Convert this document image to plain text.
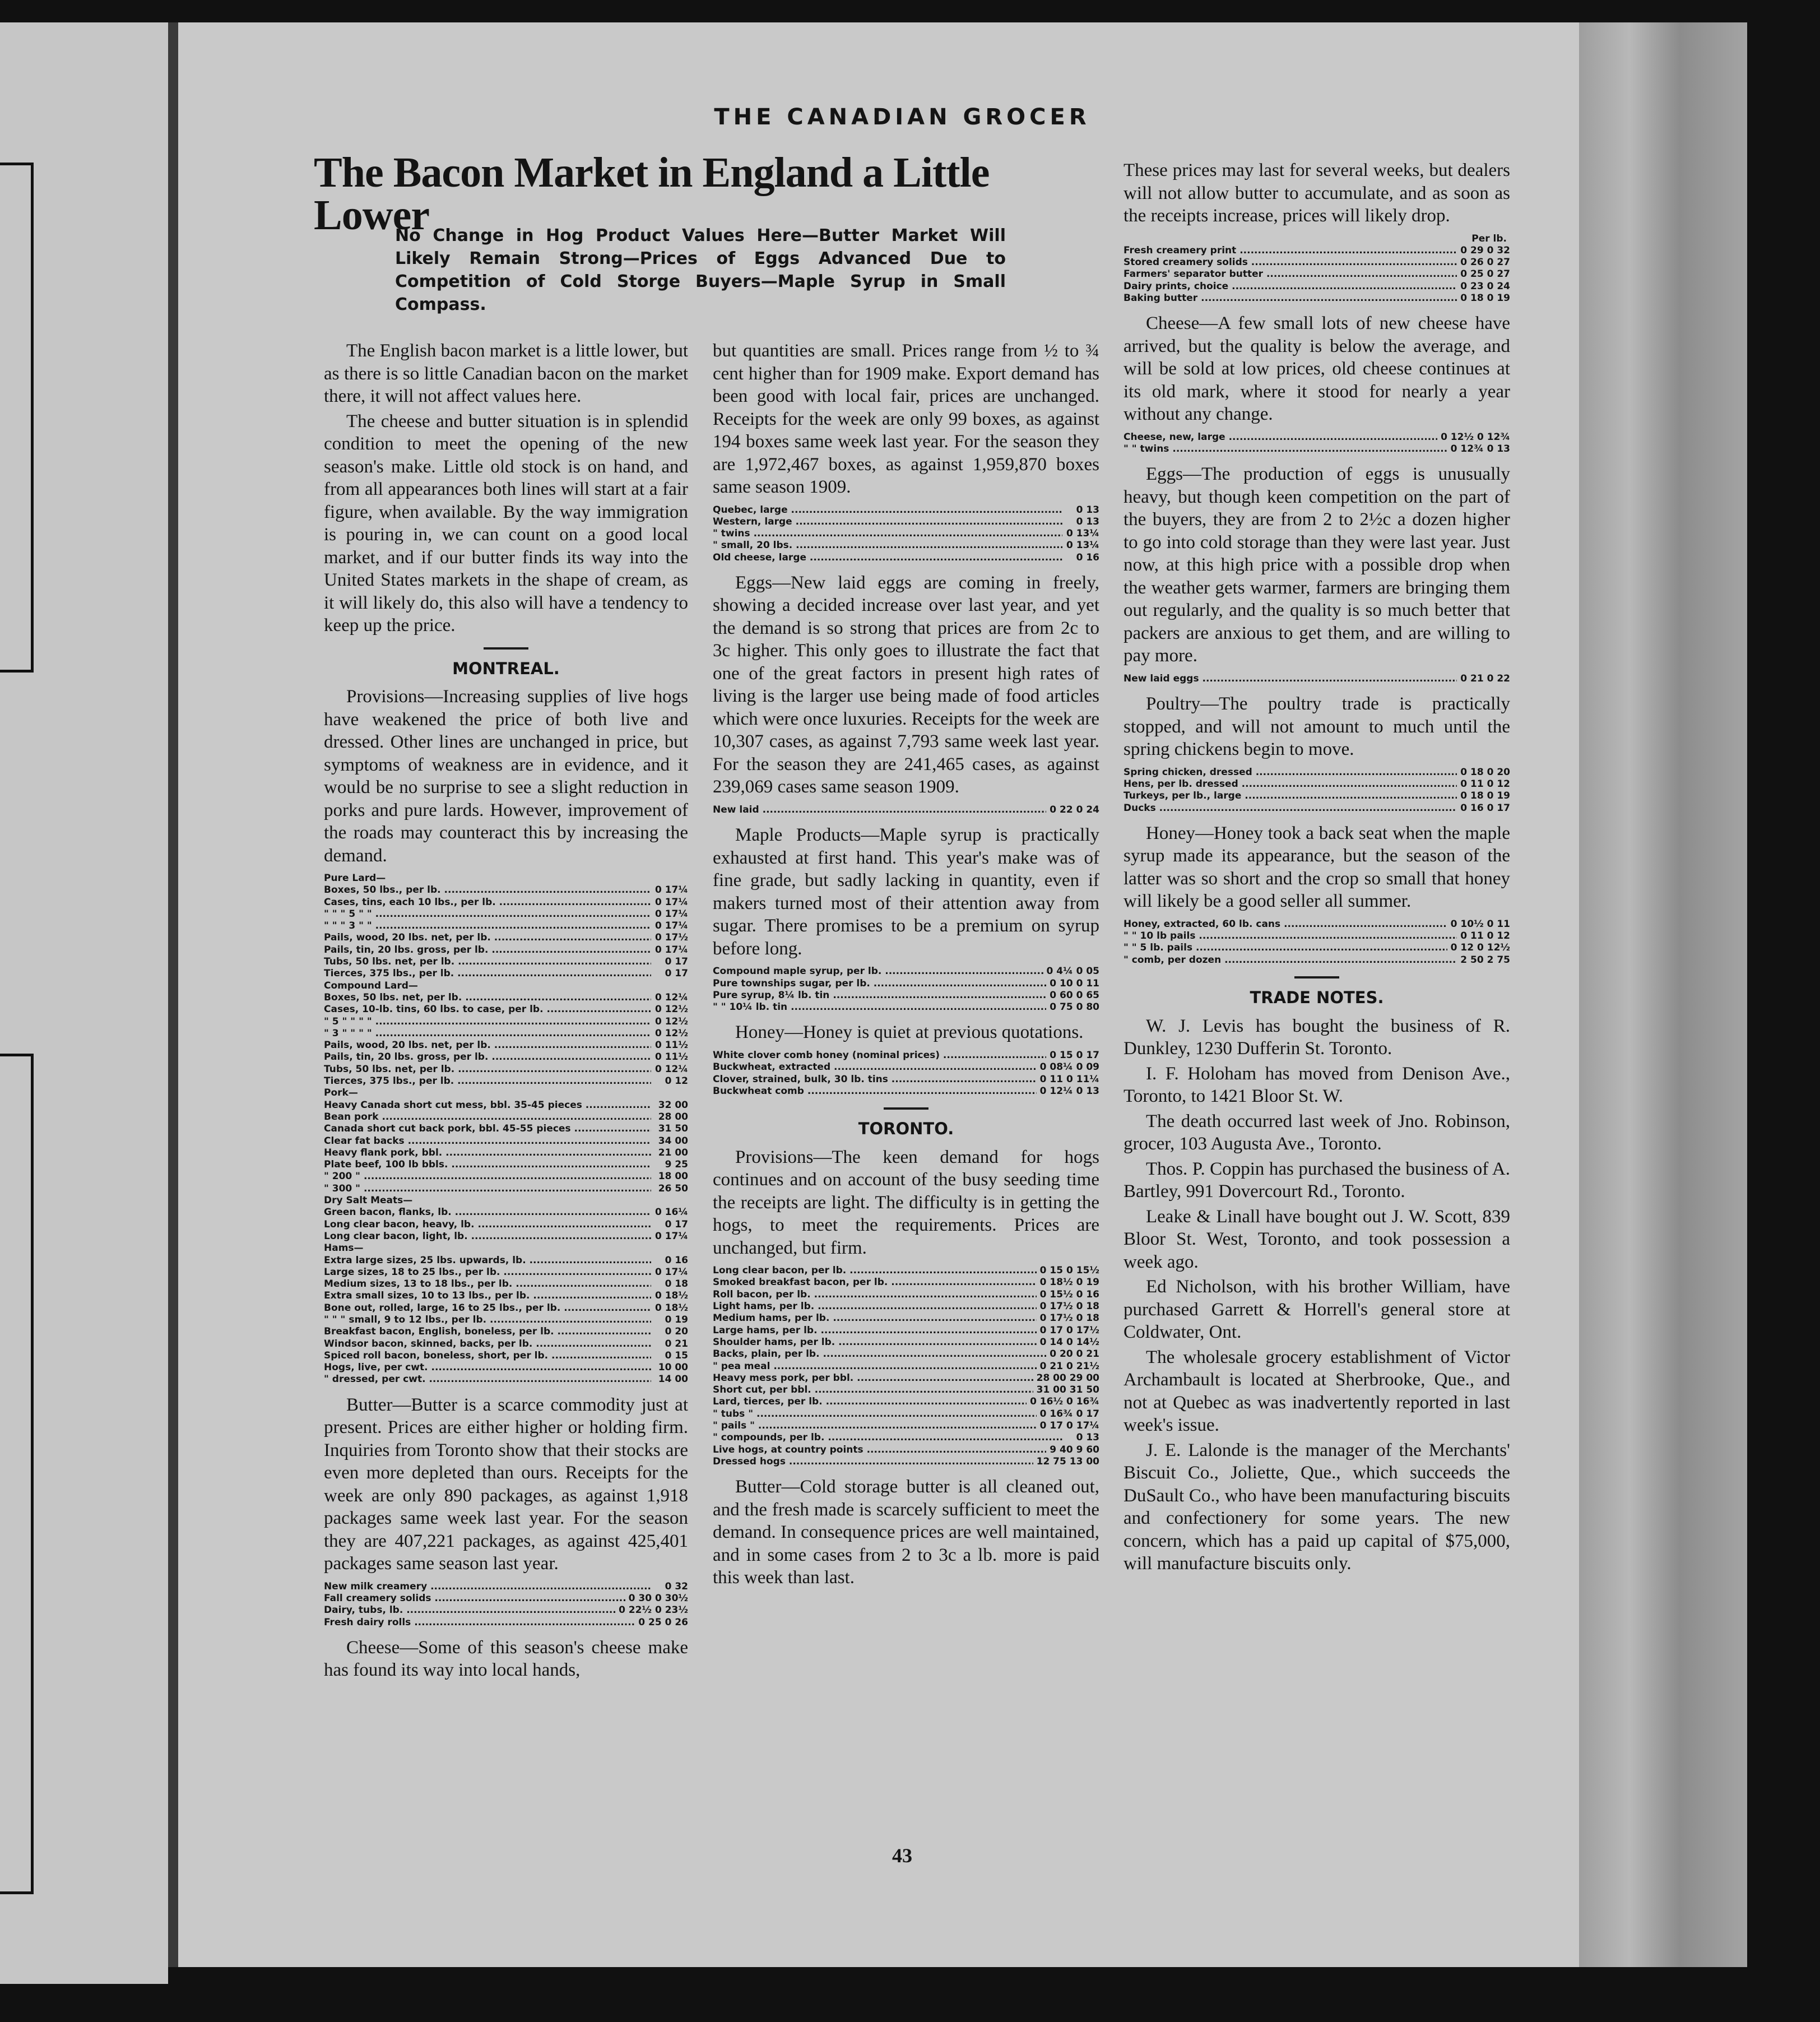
THE CANADIAN GROCER
The Bacon Market in England a Little Lower
No Change in Hog Product Values Here—Butter Market Will Likely Remain Strong—Prices of Eggs Advanced Due to Competition of Cold Storge Buyers—Maple Syrup in Small Compass.

The English bacon market is a little lower, but as there is so little Canadian bacon on the market there, it will not affect values here.

The cheese and butter situation is in splendid condition to meet the opening of the new season's make. Little old stock is on hand, and from all appearances both lines will start at a fair figure, when available. By the way immigration is pouring in, we can count on a good local market, and if our butter finds its way into the United States markets in the shape of cream, as it will likely do, this also will have a tendency to keep up the price.

MONTREAL.

Provisions—Increasing supplies of live hogs have weakened the price of both live and dressed. Other lines are unchanged in price, but symptoms of weakness are in evidence, and it would be no surprise to see a slight reduction in porks and pure lards. However, improvement of the roads may counteract this by increasing the demand.

Pure Lard—
Boxes, 50 lbs., per lb. .....	0 17¼
Cases, tins, each 10 lbs., per lb. .....	0 17¼
" " " 5 " " .....	0 17¼
" " " 3 " " .....	0 17¼
Pails, wood, 20 lbs. net, per lb. .....	0 17½
Pails, tin, 20 lbs. gross, per lb. .....	0 17¼
Tubs, 50 lbs. net, per lb. .....	0 17
Tierces, 375 lbs., per lb. .....	0 17
Compound Lard—
Boxes, 50 lbs. net, per lb. .....	0 12¼
Cases, 10-lb. tins, 60 lbs. to case, per lb. .....	0 12½
" 5 " " " " .....	0 12½
" 3 " " " " .....	0 12½
Pails, wood, 20 lbs. net, per lb. .....	0 11½
Pails, tin, 20 lbs. gross, per lb. .....	0 11½
Tubs, 50 lbs. net, per lb. .....	0 12¼
Tierces, 375 lbs., per lb. .....	0 12
Pork—
Heavy Canada short cut mess, bbl. 35-45 pieces .....	32 00
Bean pork .....	28 00
Canada short cut back pork, bbl. 45-55 pieces .....	31 50
Clear fat backs .....	34 00
Heavy flank pork, bbl. .....	21 00
Plate beef, 100 lb bbls. .....	9 25
" 200 " .....	18 00
" 300 " .....	26 50
Dry Salt Meats—
Green bacon, flanks, lb. .....	0 16¼
Long clear bacon, heavy, lb. .....	0 17
Long clear bacon, light, lb. .....	0 17¼
Hams—
Extra large sizes, 25 lbs. upwards, lb. .....	0 16
Large sizes, 18 to 25 lbs., per lb. .....	0 17¼
Medium sizes, 13 to 18 lbs., per lb. .....	0 18
Extra small sizes, 10 to 13 lbs., per lb. .....	0 18½
Bone out, rolled, large, 16 to 25 lbs., per lb. .....	0 18½
" " " small, 9 to 12 lbs., per lb. .....	0 19
Breakfast bacon, English, boneless, per lb. .....	0 20
Windsor bacon, skinned, backs, per lb. .....	0 21
Spiced roll bacon, boneless, short, per lb. .....	0 15
Hogs, live, per cwt. .....	10 00
" dressed, per cwt. .....	14 00

Butter—Butter is a scarce commodity just at present. Prices are either higher or holding firm. Inquiries from Toronto show that their stocks are even more depleted than ours. Receipts for the week are only 890 packages, as against 1,918 packages same week last year. For the season they are 407,221 packages, as against 425,401 packages same season last year.

New milk creamery .....	0 32
Fall creamery solids .....	0 30 0 30½
Dairy, tubs, lb. .....	0 22½ 0 23½
Fresh dairy rolls .....	0 25 0 26

Cheese—Some of this season's cheese make has found its way into local hands,

but quantities are small. Prices range from ½ to ¾ cent higher than for 1909 make. Export demand has been good with local fair, prices are unchanged. Receipts for the week are only 99 boxes, as against 194 boxes same week last year. For the season they are 1,972,467 boxes, as against 1,959,870 boxes same season 1909.

Quebec, large .....	0 13
Western, large .....	0 13
" twins .....	0 13¼
" small, 20 lbs. .....	0 13¼
Old cheese, large .....	0 16

Eggs—New laid eggs are coming in freely, showing a decided increase over last year, and yet the demand is so strong that prices are from 2c to 3c higher. This only goes to illustrate the fact that one of the great factors in present high rates of living is the larger use being made of food articles which were once luxuries. Receipts for the week are 10,307 cases, as against 7,793 same week last year. For the season they are 241,465 cases, as against 239,069 cases same season 1909.

New laid .....	0 22 0 24

Maple Products—Maple syrup is practically exhausted at first hand. This year's make was of fine grade, but sadly lacking in quantity, even if makers turned most of their attention away from sugar. There promises to be a premium on syrup before long.

Compound maple syrup, per lb. .....	0 4¼ 0 05
Pure townships sugar, per lb. .....	0 10 0 11
Pure syrup, 8¼ lb. tin .....	0 60 0 65
" " 10¼ lb. tin .....	0 75 0 80

Honey—Honey is quiet at previous quotations.

White clover comb honey (nominal prices) .....	0 15 0 17
Buckwheat, extracted .....	0 08¼ 0 09
Clover, strained, bulk, 30 lb. tins .....	0 11 0 11¼
Buckwheat comb .....	0 12¼ 0 13
TORONTO.

Provisions—The keen demand for hogs continues and on account of the busy seeding time the receipts are light. The difficulty is in getting the hogs, to meet the requirements. Prices are unchanged, but firm.

Long clear bacon, per lb. .....	0 15 0 15½
Smoked breakfast bacon, per lb. .....	0 18½ 0 19
Roll bacon, per lb. .....	0 15½ 0 16
Light hams, per lb. .....	0 17½ 0 18
Medium hams, per lb. .....	0 17½ 0 18
Large hams, per lb. .....	0 17 0 17½
Shoulder hams, per lb. .....	0 14 0 14½
Backs, plain, per lb. .....	0 20 0 21
" pea meal .....	0 21 0 21½
Heavy mess pork, per bbl. .....	28 00 29 00
Short cut, per bbl. .....	31 00 31 50
Lard, tierces, per lb. .....	0 16½ 0 16¾
" tubs " .....	0 16¾ 0 17
" pails " .....	0 17 0 17¼
" compounds, per lb. .....	0 13
Live hogs, at country points .....	9 40 9 60
Dressed hogs .....	12 75 13 00

Butter—Cold storage butter is all cleaned out, and the fresh made is scarcely sufficient to meet the demand. In consequence prices are well maintained, and in some cases from 2 to 3c a lb. more is paid this week than last.

These prices may last for several weeks, but dealers will not allow butter to accumulate, and as soon as the receipts increase, prices will likely drop.

Per lb.
Fresh creamery print .....	0 29 0 32
Stored creamery solids .....	0 26 0 27
Farmers' separator butter .....	0 25 0 27
Dairy prints, choice .....	0 23 0 24
Baking butter .....	0 18 0 19

Cheese—A few small lots of new cheese have arrived, but the quality is below the average, and will be sold at low prices, old cheese continues at its old mark, where it stood for nearly a year without any change.

Cheese, new, large .....	0 12½ 0 12¾
" " twins .....	0 12¾ 0 13

Eggs—The production of eggs is unusually heavy, but though keen competition on the part of the buyers, they are from 2 to 2½c a dozen higher to go into cold storage than they were last year. Just now, at this high price with a possible drop when the weather gets warmer, farmers are bringing them out regularly, and the quality is so much better that packers are anxious to get them, and are willing to pay more.

New laid eggs .....	0 21 0 22

Poultry—The poultry trade is practically stopped, and will not amount to much until the spring chickens begin to move.

Spring chicken, dressed .....	0 18 0 20
Hens, per lb. dressed .....	0 11 0 12
Turkeys, per lb., large .....	0 18 0 19
Ducks .....	0 16 0 17

Honey—Honey took a back seat when the maple syrup made its appearance, but the season of the latter was so short and the crop so small that honey will likely be a good seller all summer.

Honey, extracted, 60 lb. cans .....	0 10½ 0 11
" " 10 lb pails .....	0 11 0 12
" " 5 lb. pails .....	0 12 0 12½
" comb, per dozen .....	2 50 2 75
TRADE NOTES.

W. J. Levis has bought the business of R. Dunkley, 1230 Dufferin St. Toronto.

I. F. Holoham has moved from Denison Ave., Toronto, to 1421 Bloor St. W.

The death occurred last week of Jno. Robinson, grocer, 103 Augusta Ave., Toronto.

Thos. P. Coppin has purchased the business of A. Bartley, 991 Dovercourt Rd., Toronto.

Leake & Linall have bought out J. W. Scott, 839 Bloor St. West, Toronto, and took possession a week ago.

Ed Nicholson, with his brother William, have purchased Garrett & Horrell's general store at Coldwater, Ont.

The wholesale grocery establishment of Victor Archambault is located at Sherbrooke, Que., and not at Quebec as was inadvertently reported in last week's issue.

J. E. Lalonde is the manager of the Merchants' Biscuit Co., Joliette, Que., which succeeds the DuSault Co., who have been manufacturing biscuits and confectionery for some years. The new concern, which has a paid up capital of $75,000, will manufacture biscuits only.

43
